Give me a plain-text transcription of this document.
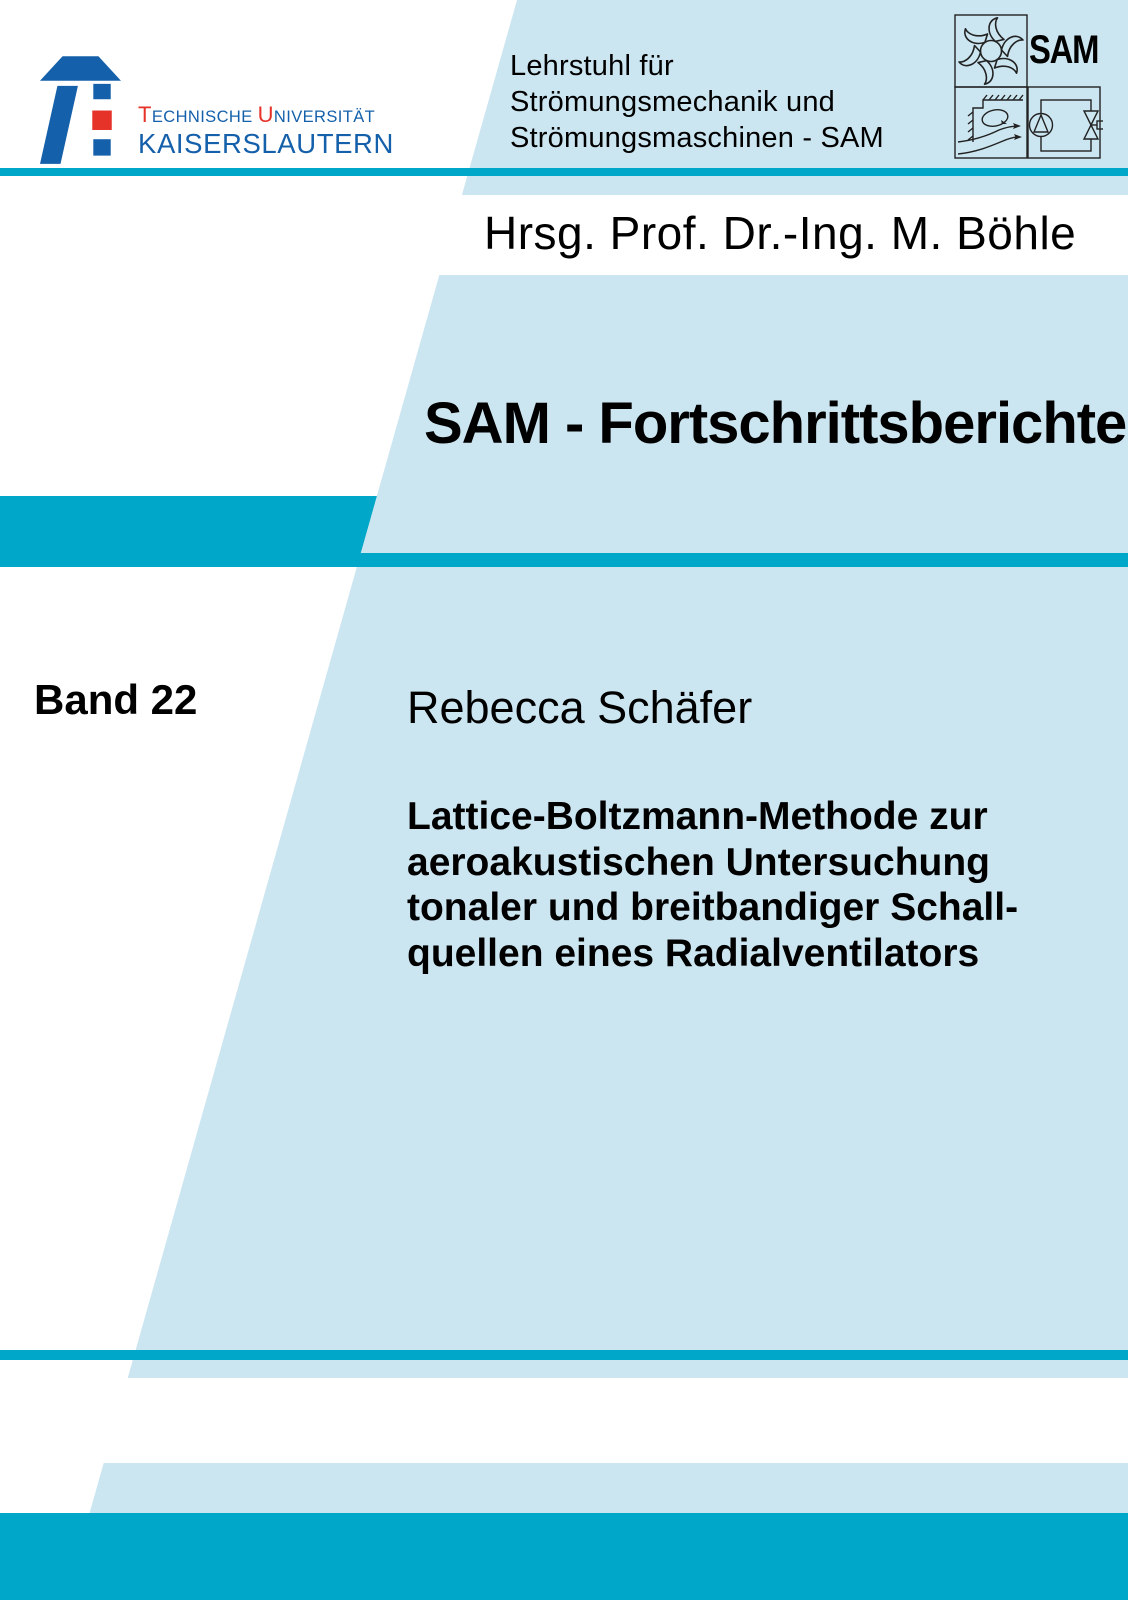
TECHNISCHE UNIVERSITÄT
KAISERSLAUTERN
Lehrstuhl für
Strömungsmechanik und
Strömungsmaschinen - SAM
SAM
Hrsg. Prof. Dr.-Ing. M. Böhle
SAM - Fortschrittsberichte
Band 22	Rebecca Schäfer
Lattice-Boltzmann-Methode zur
aeroakustischen Untersuchung
tonaler und breitbandiger Schall-
quellen eines Radialventilators
